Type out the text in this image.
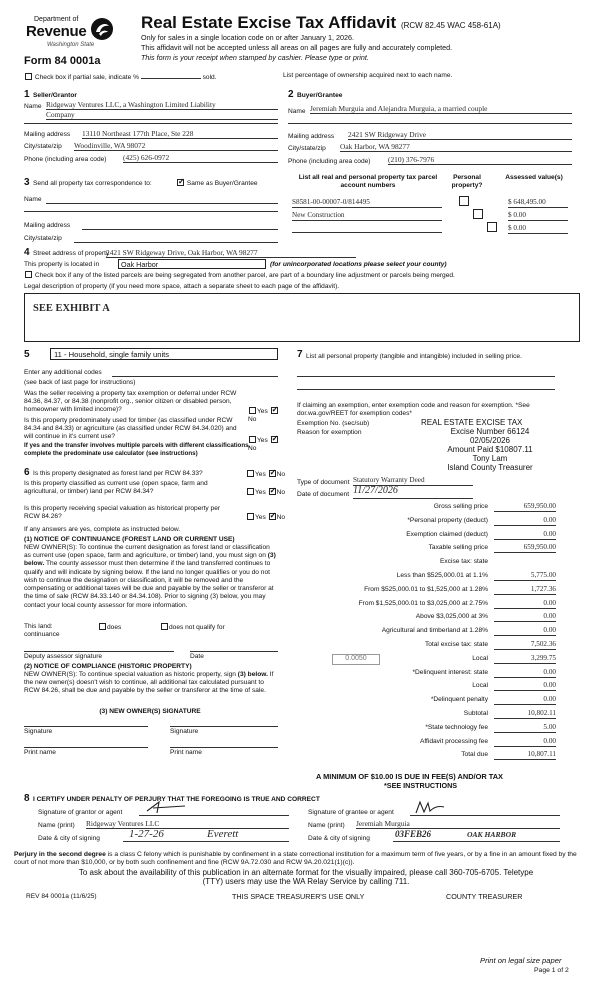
Department of
Revenue
Washington State
Form 84 0001a
Real Estate Excise Tax Affidavit (RCW 82.45 WAC 458-61A)
Only for sales in a single location code on or after January 1, 2026.
This affidavit will not be accepted unless all areas on all pages are fully and accurately completed.
This form is your receipt when stamped by cashier. Please type or print.
Check box if partial sale, indicate %	sold.	List percentage of ownership acquired next to each name.
1 Seller/Grantor
Name Ridgeway Ventures LLC, a Washington Limited Liability
Company
Mailing address 13110 Northeast 177th Place, Ste 228
City/state/zip Woodinville, WA 98072
Phone (including area code) (425) 626-0972
2 Buyer/Grantee
Name Jeremiah Murguia and Alejandra Murguia, a married couple
Mailing address 2421 SW Ridgeway Drive
City/state/zip Oak Harbor, WA 98277
Phone (including area code) (210) 376-7976
3 Send all property tax correspondence to:
✓	Same as Buyer/Grantee
Name
Mailing address
City/state/zip
List all real and personal property tax parcel account numbers
Personal property?
Assessed value(s)
S8581-00-00007-0/814495
	$ 648,495.00
New Construction
	$ 0.00
$ 0.00
4 Street address of property
2421 SW Ridgeway Drive, Oak Harbor, WA 98277
This property is located in	Oak Harbor	(for unincorporated locations please select your county)
Check box if any of the listed parcels are being segregated from another parcel, are part of a boundary line adjustment or parcels being merged.
Legal description of property (if you need more space, attach a separate sheet to each page of the affidavit).
SEE EXHIBIT A
5	11 - Household, single family units
Enter any additional codes
(see back of last page for instructions)
Was the seller receiving a property tax exemption or deferral under RCW 84.36, 84.37, or 84.38 (nonprofit org., senior citizen or disabled person, homeowner with limited income)?	Yes ✓No
Is this property predominately used for timber (as classified under RCW 84.34 and 84.33) or agriculture (as classified under RCW 84.34.020) and will continue in it's current use?
If yes and the transfer involves multiple parcels with different classifications, complete the predominate use calculator (see instructions)
Yes ✓No
6 Is this property designated as forest land per RCW 84.33?	Yes ✓ No
Is this property classified as current use (open space, farm and agricultural, or timber) land per RCW 84.34?	Yes ✓ No
Is this property receiving special valuation as historical property per RCW 84.26?	Yes ✓ No
If any answers are yes, complete as instructed below.
(1) NOTICE OF CONTINUANCE (FOREST LAND OR CURRENT USE)
NEW OWNER(S): To continue the current designation as forest land or classification as current use (open space, farm and agriculture, or timber) land, you must sign on (3) below. The county assessor must then determine if the land transferred continues to qualify and will indicate by signing below. If the land no longer qualifies or you do not wish to continue the designation or classification, it will be removed and the compensating or additional taxes will be due and payable by the seller or transferor at the time of sale (RCW 84.33.140 or 84.34.108). Prior to signing (3) below, you may contact your local county assessor for more information.
This land:
continuance
does	does not qualify for
Deputy assessor signature	Date
(2) NOTICE OF COMPLIANCE (HISTORIC PROPERTY)
NEW OWNER(S): To continue special valuation as historic property, sign (3) below. If the new owner(s) doesn't wish to continue, all additional tax calculated pursuant to RCW 84.26, shall be due and payable by the seller or transferor at the time of sale.
(3) NEW OWNER(S) SIGNATURE
Signature	Signature
Print name	Print name
7 List all personal property (tangible and intangible) included in selling price.
If claiming an exemption, enter exemption code and reason for exemption. *See dor.wa.gov/REET for exemption codes*
Exemption No. (sec/sub)
Reason for exemption
REAL ESTATE EXCISE TAX
Excise Number 66124
02/05/2026
Amount Paid $10807.11
Tony Lam
Island County Treasurer
Type of document Statutory Warranty Deed
Date of document 11/27/2026
Gross selling price	659,950.00
*Personal property (deduct)	0.00
Exemption claimed (deduct)	0.00
Taxable selling price	659,950.00
Excise tax: state
Less than $525,000.01 at 1.1%	5,775.00
From $525,000.01 to $1,525,000 at 1.28%	1,727.36
From $1,525,000.01 to $3,025,000 at 2.75%	0.00
Above $3,025,000 at 3%	0.00
Agricultural and timberland at 1.28%	0.00
Total excise tax: state	7,502.36
0.0050	Local	3,299.75
*Delinquent interest: state	0.00
Local	0.00
*Delinquent penalty	0.00
Subtotal	10,802.11
*State technology fee	5.00
Affidavit processing fee	0.00
Total due	10,807.11
A MINIMUM OF $10.00 IS DUE IN FEE(S) AND/OR TAX
*SEE INSTRUCTIONS
8 I CERTIFY UNDER PENALTY OF PERJURY THAT THE FOREGOING IS TRUE AND CORRECT
Signature of grantor or agent
Name (print) Ridgeway Ventures LLC
Date & city of signing	1-27-26	Everett
Signature of grantee or agent
Name (print) Jeremiah Murguia
Date & city of signing	03FEB26	OAK HARBOR
Perjury in the second degree is a class C felony which is punishable by confinement in a state correctional institution for a maximum term of five years, or by a fine in an amount fixed by the court of not more than $10,000, or by both such confinement and fine (RCW 9A.72.030 and RCW 9A.20.021(1)(c)).
To ask about the availability of this publication in an alternate format for the visually impaired, please call 360-705-6705. Teletype
(TTY) users may use the WA Relay Service by calling 711.
REV 84 0001a (11/6/25)	THIS SPACE TREASURER'S USE ONLY	COUNTY TREASURER
Print on legal size paper
Page 1 of 2
